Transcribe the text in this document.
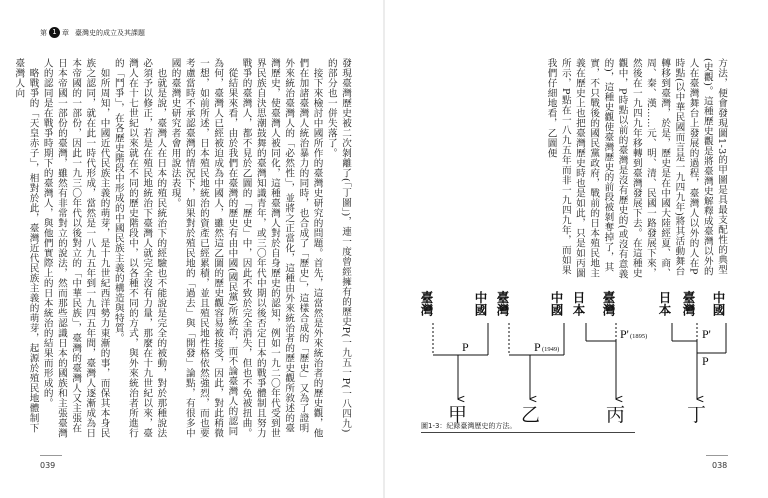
第 1 章 臺灣史的成立及其課題

發現臺灣歷史被二次剝離了(「丁圖」)，連一度曾經擁有的歷史P(一九五一P(一八四九)的部分也一併失落了。

接下來檢討中國所作的臺灣史研究的問題。首先，這當然是外來統治者的歷史觀，他們在加諸臺灣人統治暴力的同時，也合成了「歷史」，這樣合成的「歷史」又為了證明外來統治臺灣人的「必然性」，並將之正當化，這種由外來統治者的歷史觀所敘述的臺灣歷史，使臺灣人被同化，這種臺灣人對於自身歷史的認知，例如一九二〇年代受到世界民族自決思潮鼓舞的臺灣知識青年，或三〇年代中期以後否定日本的戰爭體制且努力戰爭的臺灣人，都不見於乙圖的「歷史」中，因此不致於完全消失，但也不免被扭曲。

從結果來看，由於我們在臺灣的歷史有由中國(國民黨)所統治，而不論臺灣人的認同為何，臺灣人已經被迫成為中國人，雖然這乙圖的歷史觀容易被接受，因此，對此稍微一想，如前所述，日本殖民地統治的資產已經累積，並且殖民地性格依然強烈，而也要考慮當時不承認臺灣的情況下，如果對於殖民地的「過去」與「開發」論點，有很多中國的臺灣史研究者會用說法表現。

也就是說，臺灣人在日本的殖民統治下的經驗也不能說是完全的被動，對於那種說法必須予以修正，若是在殖民地統治下臺灣人就完全沒有力量，那麼在十九世紀以來，臺灣人在十七世紀以來就在不同的歷史階段中，以各種不同的方式，與外來統治者所進行的「鬥爭」，在各歷史階段中形成的中國民族主義的構造與特質。

如所周知，中國近代民族主義的萌芽，是十九世紀西洋勢力東漸的事，而保其本身民族之認同，就在此一時代形成，當然是一八九五年到一九四五年間，臺灣人逐漸成為日本帝國的一部份，因此一九三〇年代以後對立的「中華民族」，臺灣的臺灣人又主張在日本帝國一部份的臺灣，雖然有非常對立的說法，然而那些認識日本的國族和主張臺灣人的認同是在戰爭時期下的臺灣人，與他們實際上的日本統治的結果而形成的。

略戰爭的「天皇赤子」，相對於此，臺灣近代民族主義的萌芽，起源於殖民地體制下臺灣人向	方法，便會發現圖1-3的甲圖是具最支配性的典型(史觀)。這種歷史觀是將臺灣史解釋成臺灣以外的人在臺灣舞台上發展的過程，臺灣人以外的人在P時點(以中華民國而言是一九四九年)將其活動舞台轉移到臺灣，於是，歷史是在中國大陸經夏、商、周、秦、漢……元、明、清、民國一路發展下來，然後在一九四九年移轉到臺灣發展下去。在這種史觀中，P時點以前的臺灣是沒有歷史的(或沒有意義的)，這種史觀使臺灣歷史的前段被剝奪掉了，其實，不只戰後的國民黨政府，戰前的日本殖民地主義在歷史上也把臺灣歷史時也是如此，只是如丙圖所示，P點在一八九五年而非一九四九年，而如果我們仔細地看，乙圖便

臺灣	中國
P
甲
臺灣	中國
P (1949)
乙
日本 臺灣
P' (1895)
丙
日本 臺灣 中國
P'
P
丁
圖1-3：紀錄臺灣歷史的方法。
039	038
